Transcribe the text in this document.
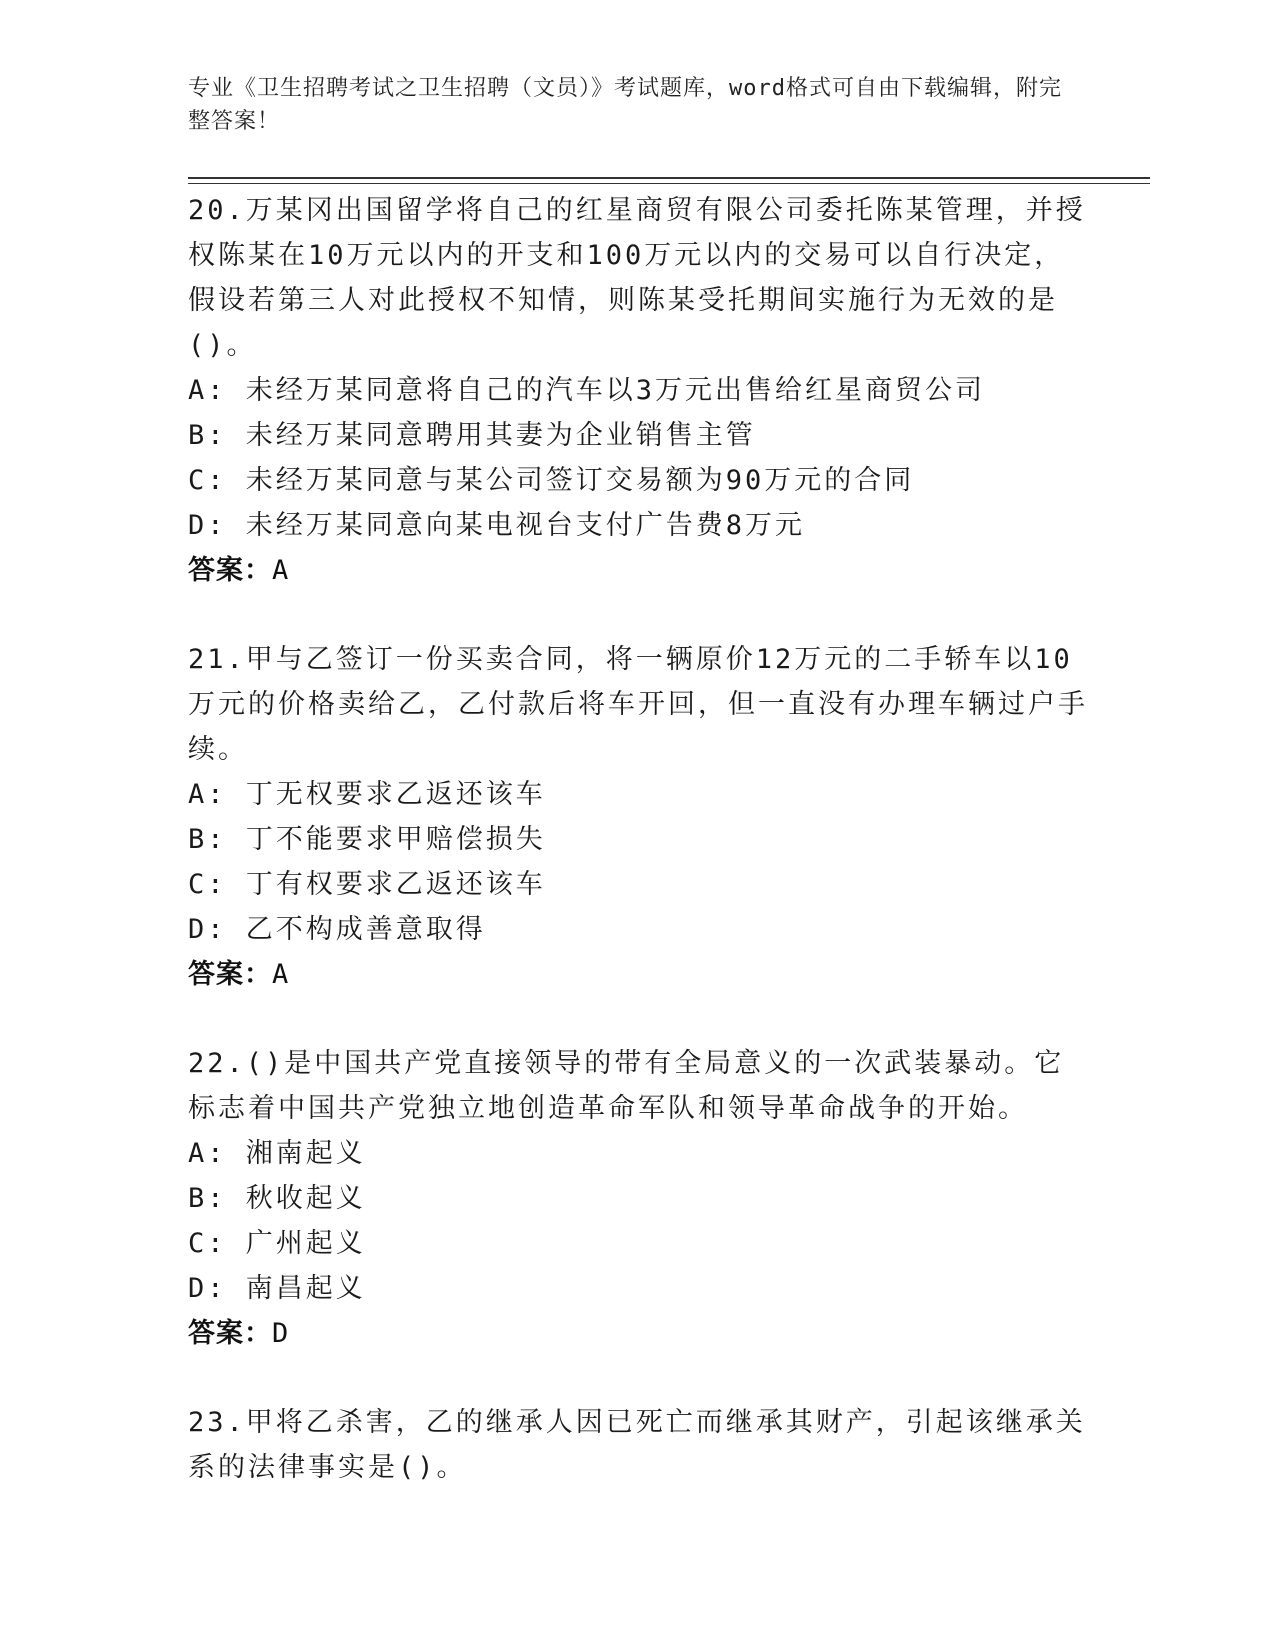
专业《卫生招聘考试之卫生招聘（文员）》考试题库，word格式可自由下载编辑，附完整答案！
20.万某冈出国留学将自己的红星商贸有限公司委托陈某管理，并授权陈某在10万元以内的开支和100万元以内的交易可以自行决定，假设若第三人对此授权不知情，则陈某受托期间实施行为无效的是()。
A: 未经万某同意将自己的汽车以3万元出售给红星商贸公司
B: 未经万某同意聘用其妻为企业销售主管
C: 未经万某同意与某公司签订交易额为90万元的合同
D: 未经万某同意向某电视台支付广告费8万元
答案：A
21.甲与乙签订一份买卖合同，将一辆原价12万元的二手轿车以10万元的价格卖给乙，乙付款后将车开回，但一直没有办理车辆过户手续。
A: 丁无权要求乙返还该车
B: 丁不能要求甲赔偿损失
C: 丁有权要求乙返还该车
D: 乙不构成善意取得
答案：A
22.()是中国共产党直接领导的带有全局意义的一次武装暴动。它标志着中国共产党独立地创造革命军队和领导革命战争的开始。
A: 湘南起义
B: 秋收起义
C: 广州起义
D: 南昌起义
答案：D
23.甲将乙杀害，乙的继承人因已死亡而继承其财产，引起该继承关系的法律事实是()。
